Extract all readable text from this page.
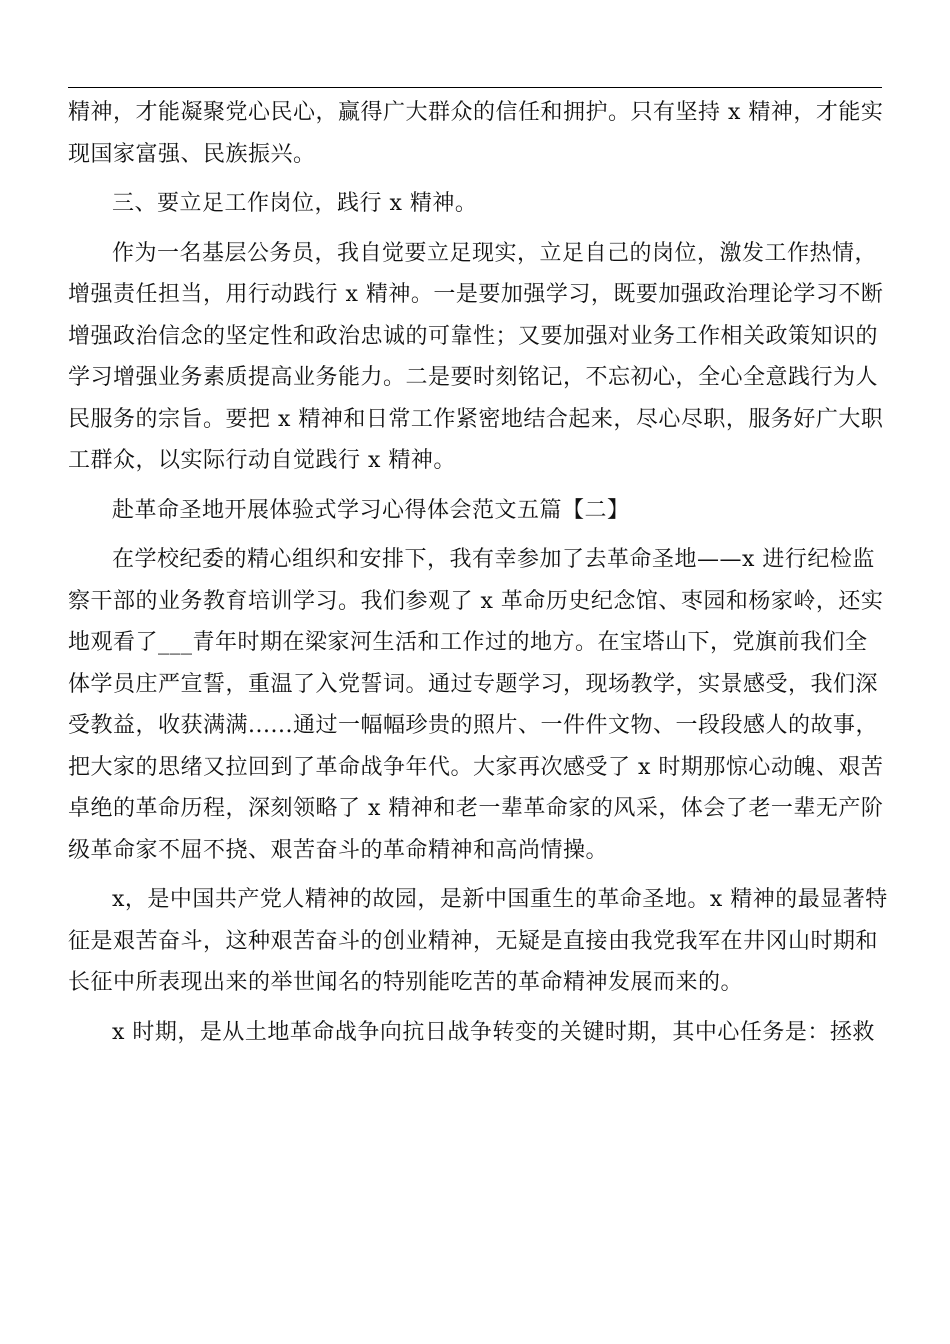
精神，才能凝聚党心民心，赢得广大群众的信任和拥护。只有坚持 x 精神，才能实
现国家富强、民族振兴。
三、要立足工作岗位，践行 x 精神。
作为一名基层公务员，我自觉要立足现实，立足自己的岗位，激发工作热情，
增强责任担当，用行动践行 x 精神。一是要加强学习，既要加强政治理论学习不断
增强政治信念的坚定性和政治忠诚的可靠性；又要加强对业务工作相关政策知识的
学习增强业务素质提高业务能力。二是要时刻铭记，不忘初心，全心全意践行为人
民服务的宗旨。要把 x 精神和日常工作紧密地结合起来，尽心尽职，服务好广大职
工群众，以实际行动自觉践行 x 精神。
赴革命圣地开展体验式学习心得体会范文五篇【二】
在学校纪委的精心组织和安排下，我有幸参加了去革命圣地——x 进行纪检监
察干部的业务教育培训学习。我们参观了 x 革命历史纪念馆、枣园和杨家岭，还实
地观看了___青年时期在梁家河生活和工作过的地方。在宝塔山下，党旗前我们全
体学员庄严宣誓，重温了入党誓词。通过专题学习，现场教学，实景感受，我们深
受教益，收获满满......通过一幅幅珍贵的照片、一件件文物、一段段感人的故事，
把大家的思绪又拉回到了革命战争年代。大家再次感受了 x 时期那惊心动魄、艰苦
卓绝的革命历程，深刻领略了 x 精神和老一辈革命家的风采，体会了老一辈无产阶
级革命家不屈不挠、艰苦奋斗的革命精神和高尚情操。
x，是中国共产党人精神的故园，是新中国重生的革命圣地。x 精神的最显著特
征是艰苦奋斗，这种艰苦奋斗的创业精神，无疑是直接由我党我军在井冈山时期和
长征中所表现出来的举世闻名的特别能吃苦的革命精神发展而来的。
x 时期，是从土地革命战争向抗日战争转变的关键时期，其中心任务是：拯救
